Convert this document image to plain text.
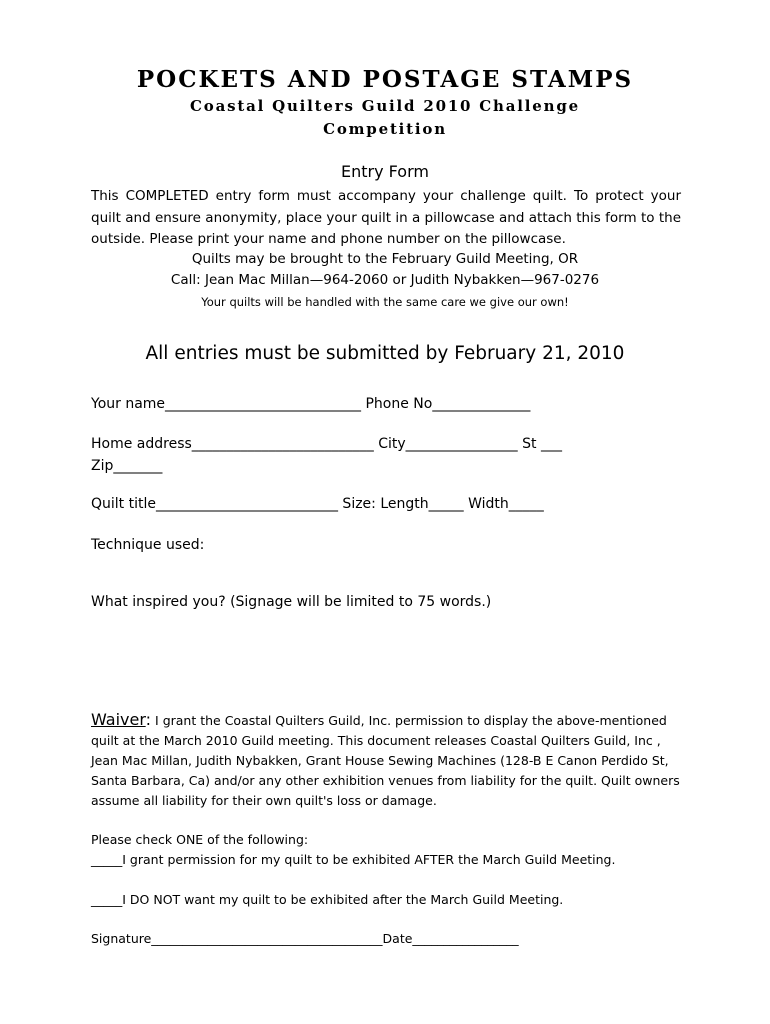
POCKETS AND POSTAGE STAMPS
Coastal Quilters Guild 2010 Challenge
Competition
Entry Form
This COMPLETED entry form must accompany your challenge quilt. To protect your quilt and ensure anonymity, place your quilt in a pillowcase and attach this form to the outside. Please print your name and phone number on the pillowcase.
Quilts may be brought to the February Guild Meeting, OR
Call: Jean Mac Millan—964-2060 or Judith Nybakken—967-0276
Your quilts will be handled with the same care we give our own!
All entries must be submitted by February 21, 2010
Your name____________________________ Phone No______________
Home address__________________________ City________________ St ___
Zip_______
Quilt title__________________________ Size: Length_____ Width_____
Technique used:
What inspired you? (Signage will be limited to 75 words.)
Waiver: I grant the Coastal Quilters Guild, Inc. permission to display the above-mentioned quilt at the March 2010 Guild meeting. This document releases Coastal Quilters Guild, Inc , Jean Mac Millan, Judith Nybakken, Grant House Sewing Machines (128-B E Canon Perdido St, Santa Barbara, Ca) and/or any other exhibition venues from liability for the quilt. Quilt owners assume all liability for their own quilt's loss or damage.
Please check ONE of the following:
_____I grant permission for my quilt to be exhibited AFTER the March Guild Meeting.
_____I DO NOT want my quilt to be exhibited after the March Guild Meeting.
Signature_____________________________________Date_________________
